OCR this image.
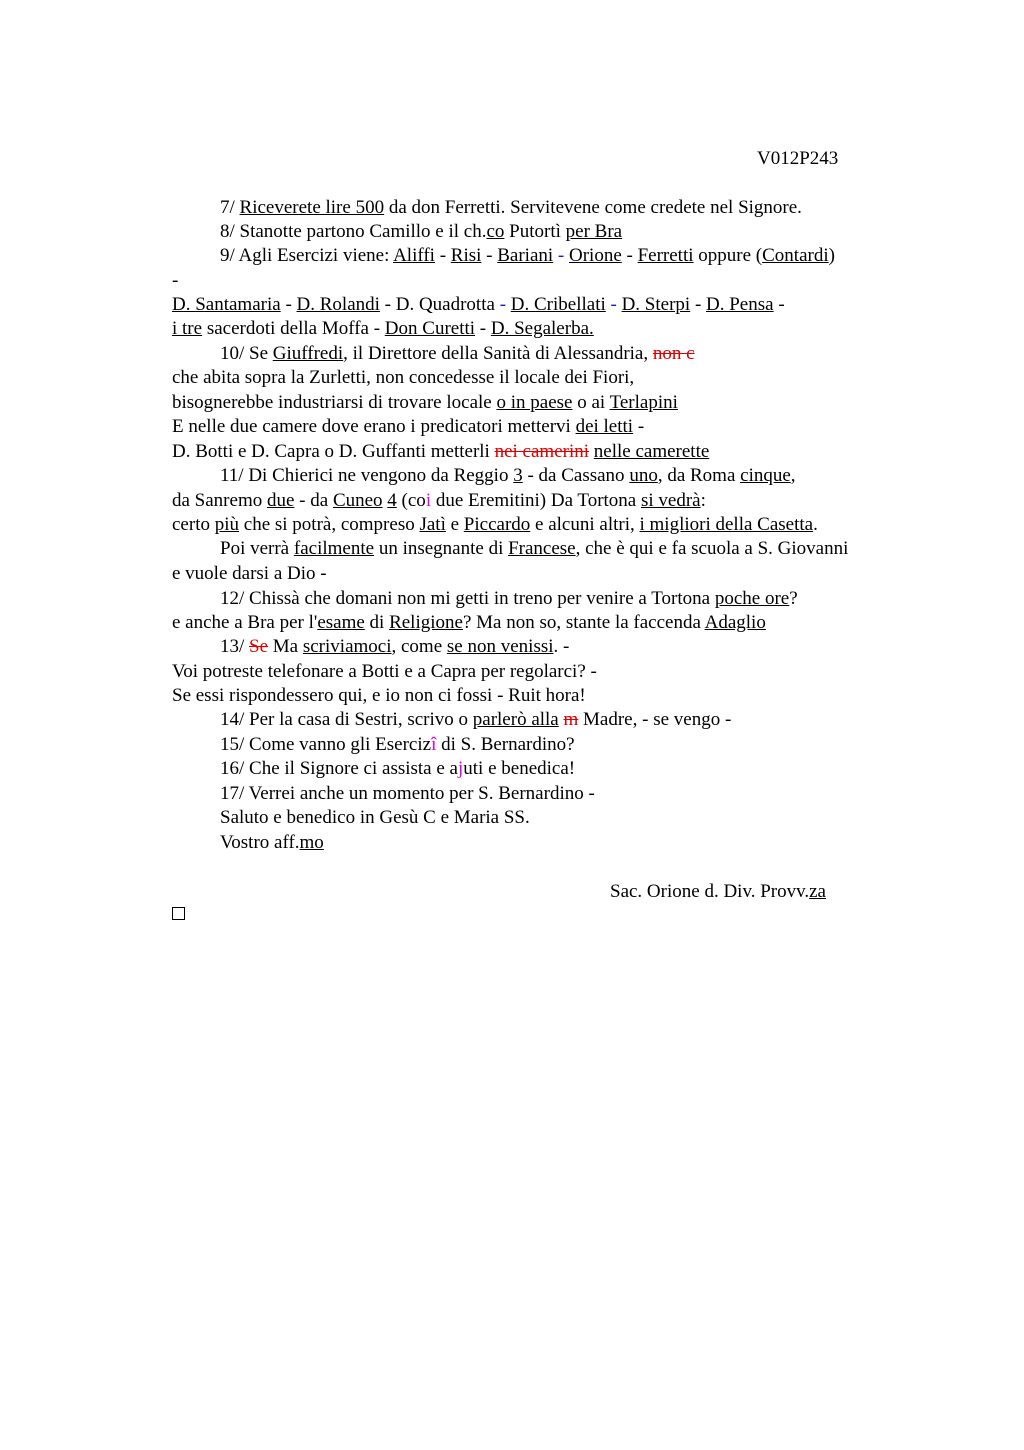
V012P243
7/ Riceverete lire 500 da don Ferretti. Servitevene come credete nel Signore.
8/ Stanotte partono Camillo e il ch.co Putortì per Bra
9/ Agli Esercizi viene: Aliffi - Risi - Bariani - Orione - Ferretti oppure (Contardi)
-
D. Santamaria - D. Rolandi - D. Quadrotta - D. Cribellati - D. Sterpi - D. Pensa -
i tre sacerdoti della Moffa - Don Curetti - D. Segalerba.
10/ Se Giuffredi, il Direttore della Sanità di Alessandria, non c
che abita sopra la Zurletti, non concedesse il locale dei Fiori,
bisognerebbe industriarsi di trovare locale o in paese o ai Terlapini
E nelle due camere dove erano i predicatori mettervi dei letti -
D. Botti e D. Capra o D. Guffanti metterli nei camerini nelle camerette
11/ Di Chierici ne vengono da Reggio 3 - da Cassano uno, da Roma cinque,
da Sanremo due - da Cuneo 4 (coi due Eremitini) Da Tortona si vedrà:
certo più che si potrà, compreso Jatì e Piccardo e alcuni altri, i migliori della Casetta.
Poi verrà facilmente un insegnante di Francese, che è qui e fa scuola a S. Giovanni
e vuole darsi a Dio -
12/ Chissà che domani non mi getti in treno per venire a Tortona poche ore?
e anche a Bra per l'esame di Religione? Ma non so, stante la faccenda Adaglio
13/ Se Ma scriviamoci, come se non venissi. -
Voi potreste telefonare a Botti e a Capra per regolarci? -
Se essi rispondessero qui, e io non ci fossi - Ruit hora!
14/ Per la casa di Sestri, scrivo o parlerò alla m Madre, - se vengo -
15/ Come vanno gli Esercizî di S. Bernardino?
16/ Che il Signore ci assista e ajuti e benedica!
17/ Verrei anche un momento per S. Bernardino -
Saluto e benedico in Gesù C e Maria SS.
Vostro aff.mo
Sac. Orione d. Div. Provv.za
